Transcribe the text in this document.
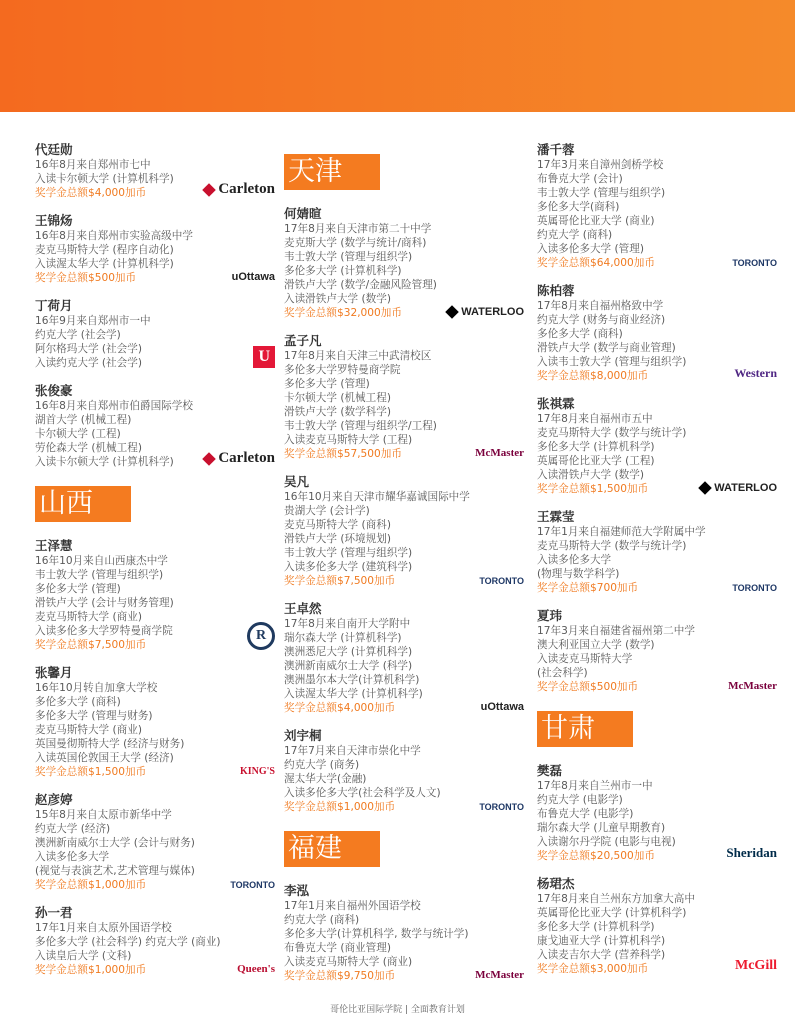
代廷勋
16年8月来自郑州市七中
入读卡尔顿大学 (计算机科学)
奖学金总额$4,000加币	Carleton
王锦炀
16年8月来自郑州市实验高级中学
麦克马斯特大学 (程序自动化)
入读渥太华大学 (计算机科学)
奖学金总额$500加币	uOttawa
丁荷月
16年9月来自郑州市一中
约克大学 (社会学)
阿尔格玛大学 (社会学)
入读约克大学 (社会学)	U
张俊豪
16年8月来自郑州市伯爵国际学校
湖首大学 (机械工程)
卡尔顿大学 (工程)
劳伦森大学 (机械工程)
入读卡尔顿大学 (计算机科学)	Carleton
山西
王泽慧
16年10月来自山西康杰中学
韦士敦大学 (管理与组织学)
多伦多大学 (管理)
滑铁卢大学 (会计与财务管理)
麦克马斯特大学 (商业)
入读多伦多大学罗特曼商学院
奖学金总额$7,500加币
R
张馨月
16年10月转自加拿大学校
多伦多大学 (商科)
多伦多大学 (管理与财务)
麦克马斯特大学 (商业)
英国曼彻斯特大学 (经济与财务)
入读英国伦敦国王大学 (经济)
奖学金总额$1,500加币	KING'S
赵彦婷
15年8月来自太原市新华中学
约克大学 (经济)
澳洲新南威尔士大学 (会计与财务)
入读多伦多大学
(视觉与表演艺术,艺术管理与媒体)
奖学金总额$1,000加币	TORONTO
孙一君
17年1月来自太原外国语学校
多伦多大学 (社会科学) 约克大学 (商业)
入读皇后大学 (文科)
奖学金总额$1,000加币	Queen's
天津
何婧暄
17年8月来自天津市第二十中学
麦克斯大学 (数学与统计/商科)
韦士敦大学 (管理与组织学)
多伦多大学 (计算机科学)
滑铁卢大学 (数学/金融风险管理)
入读滑铁卢大学 (数学)
奖学金总额$32,000加币	WATERLOO
孟子凡
17年8月来自天津三中武清校区
多伦多大学罗特曼商学院
多伦多大学 (管理)
卡尔顿大学 (机械工程)
滑铁卢大学 (数学科学)
韦士敦大学 (管理与组织学/工程)
入读麦克马斯特大学 (工程)
奖学金总额$57,500加币	McMaster
吴凡
16年10月来自天津市耀华嘉诚国际中学
贵湖大学 (会计学)
麦克马斯特大学 (商科)
滑铁卢大学 (环境规划)
韦士敦大学 (管理与组织学)
入读多伦多大学 (建筑科学)
奖学金总额$7,500加币	TORONTO
王卓然
17年8月来自南开大学附中
瑞尔森大学 (计算机科学)
澳洲悉尼大学 (计算机科学)
澳洲新南威尔士大学 (科学)
澳洲墨尔本大学(计算机科学)
入读渥太华大学 (计算机科学)
奖学金总额$4,000加币	uOttawa
刘宇桐
17年7月来自天津市崇化中学
约克大学 (商务)
渥太华大学(金融)
入读多伦多大学(社会科学及人文)
奖学金总额$1,000加币	TORONTO
福建
李泓
17年1月来自福州外国语学校
约克大学 (商科)
多伦多大学(计算机科学, 数学与统计学)
布鲁克大学 (商业管理)
入读麦克马斯特大学 (商业)
奖学金总额$9,750加币	McMaster
潘千蓉
17年3月来自漳州剑桥学校
布鲁克大学 (会计)
韦士敦大学 (管理与组织学)
多伦多大学(商科)
英属哥伦比亚大学 (商业)
约克大学 (商科)
入读多伦多大学 (管理)
奖学金总额$64,000加币	TORONTO
陈柏蓉
17年8月来自福州格致中学
约克大学 (财务与商业经济)
多伦多大学 (商科)
滑铁卢大学 (数学与商业管理)
入读韦士敦大学 (管理与组织学)
奖学金总额$8,000加币	Western
张祺霖
17年8月来自福州市五中
麦克马斯特大学 (数学与统计学)
多伦多大学 (计算机科学)
英属哥伦比亚大学 (工程)
入读滑铁卢大学 (数学)
奖学金总额$1,500加币	WATERLOO
王霖莹
17年1月来自福建师范大学附属中学
麦克马斯特大学 (数学与统计学)
入读多伦多大学
(物理与数学科学)
奖学金总额$700加币	TORONTO
夏玮
17年3月来自福建省福州第二中学
澳大利亚国立大学 (数学)
入读麦克马斯特大学
(社会科学)
奖学金总额$500加币	McMaster
甘肃
樊磊
17年8月来自兰州市一中
约克大学 (电影学)
布鲁克大学 (电影学)
瑞尔森大学 (儿童早期教育)
入读谢尔丹学院 (电影与电视)
奖学金总额$20,500加币	Sheridan
杨珺杰
17年8月来自兰州东方加拿大高中
英属哥伦比亚大学 (计算机科学)
多伦多大学 (计算机科学)
康戈迪亚大学 (计算机科学)
入读麦吉尔大学 (营养科学)
奖学金总额$3,000加币	McGill
哥伦比亚国际学院 | 全面教育计划
